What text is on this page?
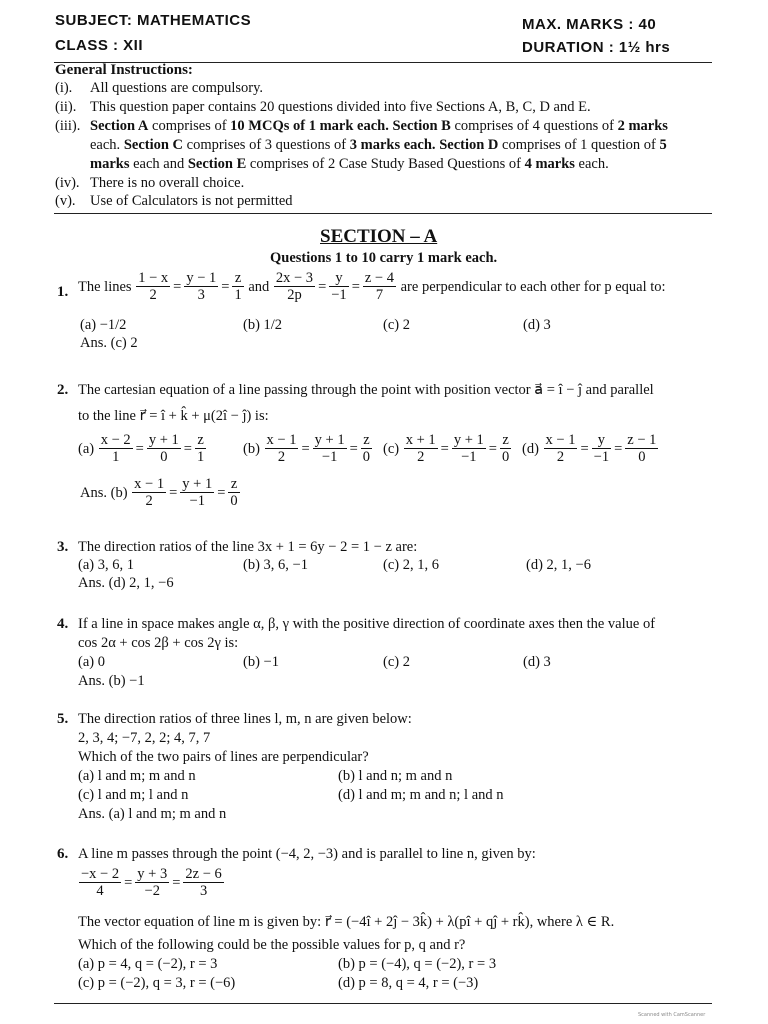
SUBJECT: MATHEMATICS
CLASS : XII
MAX. MARKS : 40
DURATION : 1½ hrs
General Instructions:
(i). All questions are compulsory.
(ii). This question paper contains 20 questions divided into five Sections A, B, C, D and E.
(iii). Section A comprises of 10 MCQs of 1 mark each. Section B comprises of 4 questions of 2 marks
each. Section C comprises of 3 questions of 3 marks each. Section D comprises of 1 question of 5
marks each and Section E comprises of 2 Case Study Based Questions of 4 marks each.
(iv). There is no overall choice.
(v). Use of Calculators is not permitted
SECTION – A
Questions 1 to 10 carry 1 mark each.
1. The lines
$\frac{1 - x}{2} = \frac{y - 1}{3} = \frac{z}{1}$
and
$\frac{2x - 3}{2p} = \frac{y}{-1} = \frac{z - 4}{7}$
are perpendicular to each other for p equal to:
(a) −1/2	(b) 1/2	(c) 2	(d) 3
Ans. (c) 2
2. The cartesian equation of a line passing through the point with position vector a⃗ = î − ĵ and parallel
to the line r⃗ = î + k̂ + μ(2î − ĵ) is:
(a)
$\frac{x - 2}{1} = \frac{y + 1}{0} = \frac{z}{1}$	(b)
$\frac{x - 1}{2} = \frac{y + 1}{-1} = \frac{z}{0} (c)$
$\frac{x + 1}{2} = \frac{y + 1}{-1} = \frac{z}{0} (d)$
$\frac{x - 1}{2} = \frac{y}{-1} = \frac{z - 1}{0}$
Ans. (b)
$\frac{x - 1}{2} = \frac{y + 1}{-1} = \frac{z}{0}$
3. The direction ratios of the line 3x + 1 = 6y − 2 = 1 − z are:
(a) 3, 6, 1	(b) 3, 6, −1	(c) 2, 1, 6	(d) 2, 1, −6
Ans. (d) 2, 1, −6
4. If a line in space makes angle α, β, γ with the positive direction of coordinate axes then the value of
cos 2α + cos 2β + cos 2γ is:
(a) 0	(b) −1	(c) 2	(d) 3
Ans. (b) −1
5. The direction ratios of three lines l, m, n are given below:
2, 3, 4; −7, 2, 2; 4, 7, 7
Which of the two pairs of lines are perpendicular?
(a) l and m; m and n	(b) l and n; m and n
(c) l and m; l and n	(d) l and m; m and n; l and n
Ans. (a) l and m; m and n
6. A line m passes through the point (−4, 2, −3) and is parallel to line n, given by:
$\frac{-x - 2}{4} = \frac{y + 3}{-2} = \frac{2z - 6}{3}$
The vector equation of line m is given by: r⃗ = (−4î + 2ĵ − 3k̂) + λ(pî + qĵ + rk̂), where λ ∈ R.
Which of the following could be the possible values for p, q and r?
(a) p = 4, q = (−2), r = 3	(b) p = (−4), q = (−2), r = 3
(c) p = (−2), q = 3, r = (−6)	(d) p = 8, q = 4, r = (−3)
Scanned with CamScanner
